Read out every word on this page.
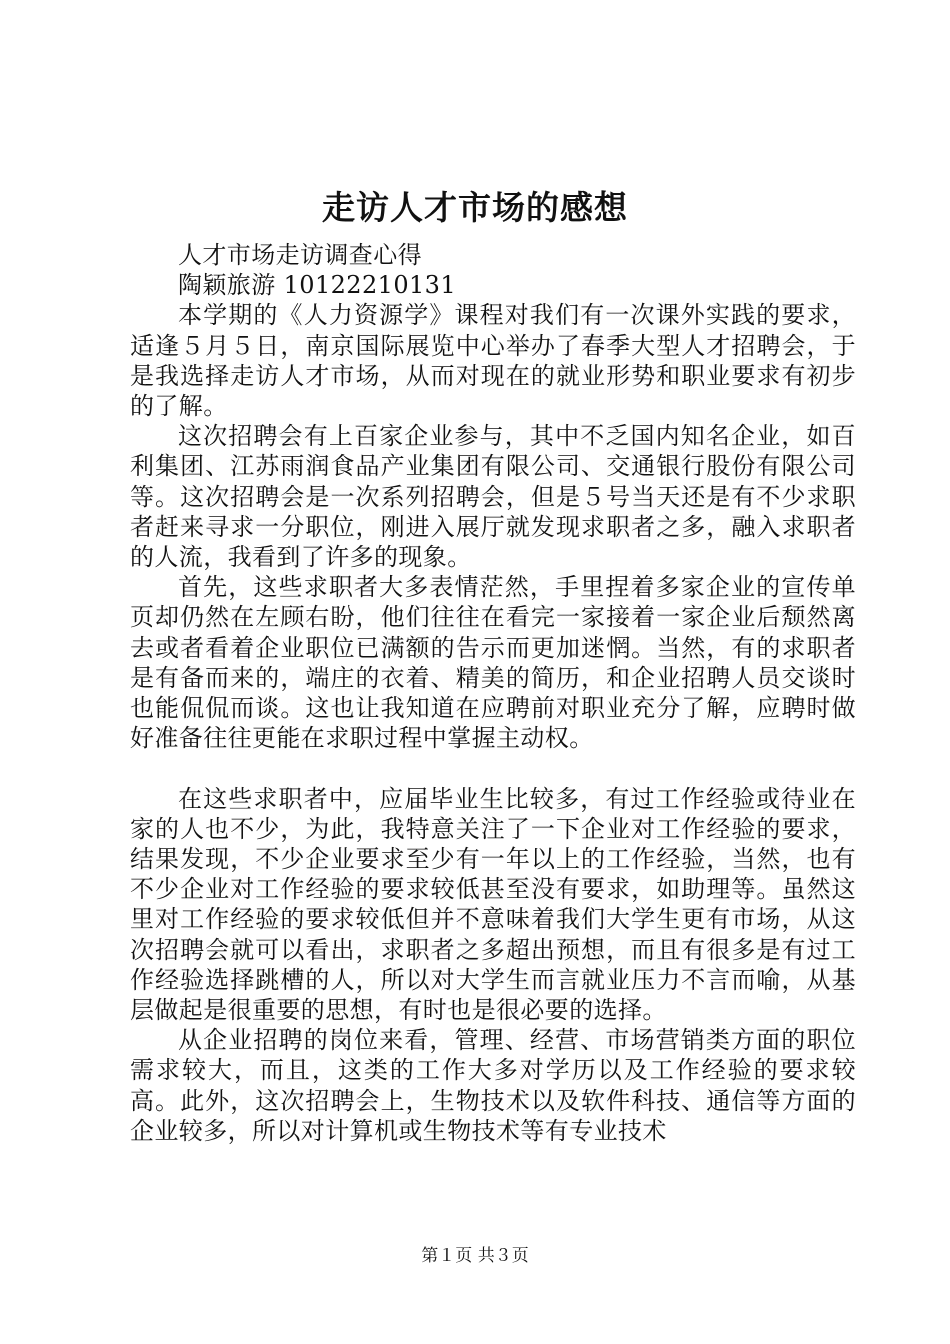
走访人才市场的感想

人才市场走访调查心得

陶颖旅游 10122210131

本学期的《人力资源学》课程对我们有一次课外实践的要求，适逢５月５日，南京国际展览中心举办了春季大型人才招聘会，于是我选择走访人才市场，从而对现在的就业形势和职业要求有初步的了解。

这次招聘会有上百家企业参与，其中不乏国内知名企业，如百利集团、江苏雨润食品产业集团有限公司、交通银行股份有限公司等。这次招聘会是一次系列招聘会，但是５号当天还是有不少求职者赶来寻求一分职位，刚进入展厅就发现求职者之多，融入求职者的人流，我看到了许多的现象。

首先，这些求职者大多表情茫然，手里捏着多家企业的宣传单页却仍然在左顾右盼，他们往往在看完一家接着一家企业后颓然离去或者看着企业职位已满额的告示而更加迷惘。当然，有的求职者是有备而来的，端庄的衣着、精美的简历，和企业招聘人员交谈时也能侃侃而谈。这也让我知道在应聘前对职业充分了解，应聘时做好准备往往更能在求职过程中掌握主动权。

在这些求职者中，应届毕业生比较多，有过工作经验或待业在家的人也不少，为此，我特意关注了一下企业对工作经验的要求，结果发现，不少企业要求至少有一年以上的工作经验，当然，也有不少企业对工作经验的要求较低甚至没有要求，如助理等。虽然这里对工作经验的要求较低但并不意味着我们大学生更有市场，从这次招聘会就可以看出，求职者之多超出预想，而且有很多是有过工作经验选择跳槽的人，所以对大学生而言就业压力不言而喻，从基层做起是很重要的思想，有时也是很必要的选择。

从企业招聘的岗位来看，管理、经营、市场营销类方面的职位需求较大，而且，这类的工作大多对学历以及工作经验的要求较高。此外，这次招聘会上，生物技术以及软件科技、通信等方面的企业较多，所以对计算机或生物技术等有专业技术

第１页 共３页
